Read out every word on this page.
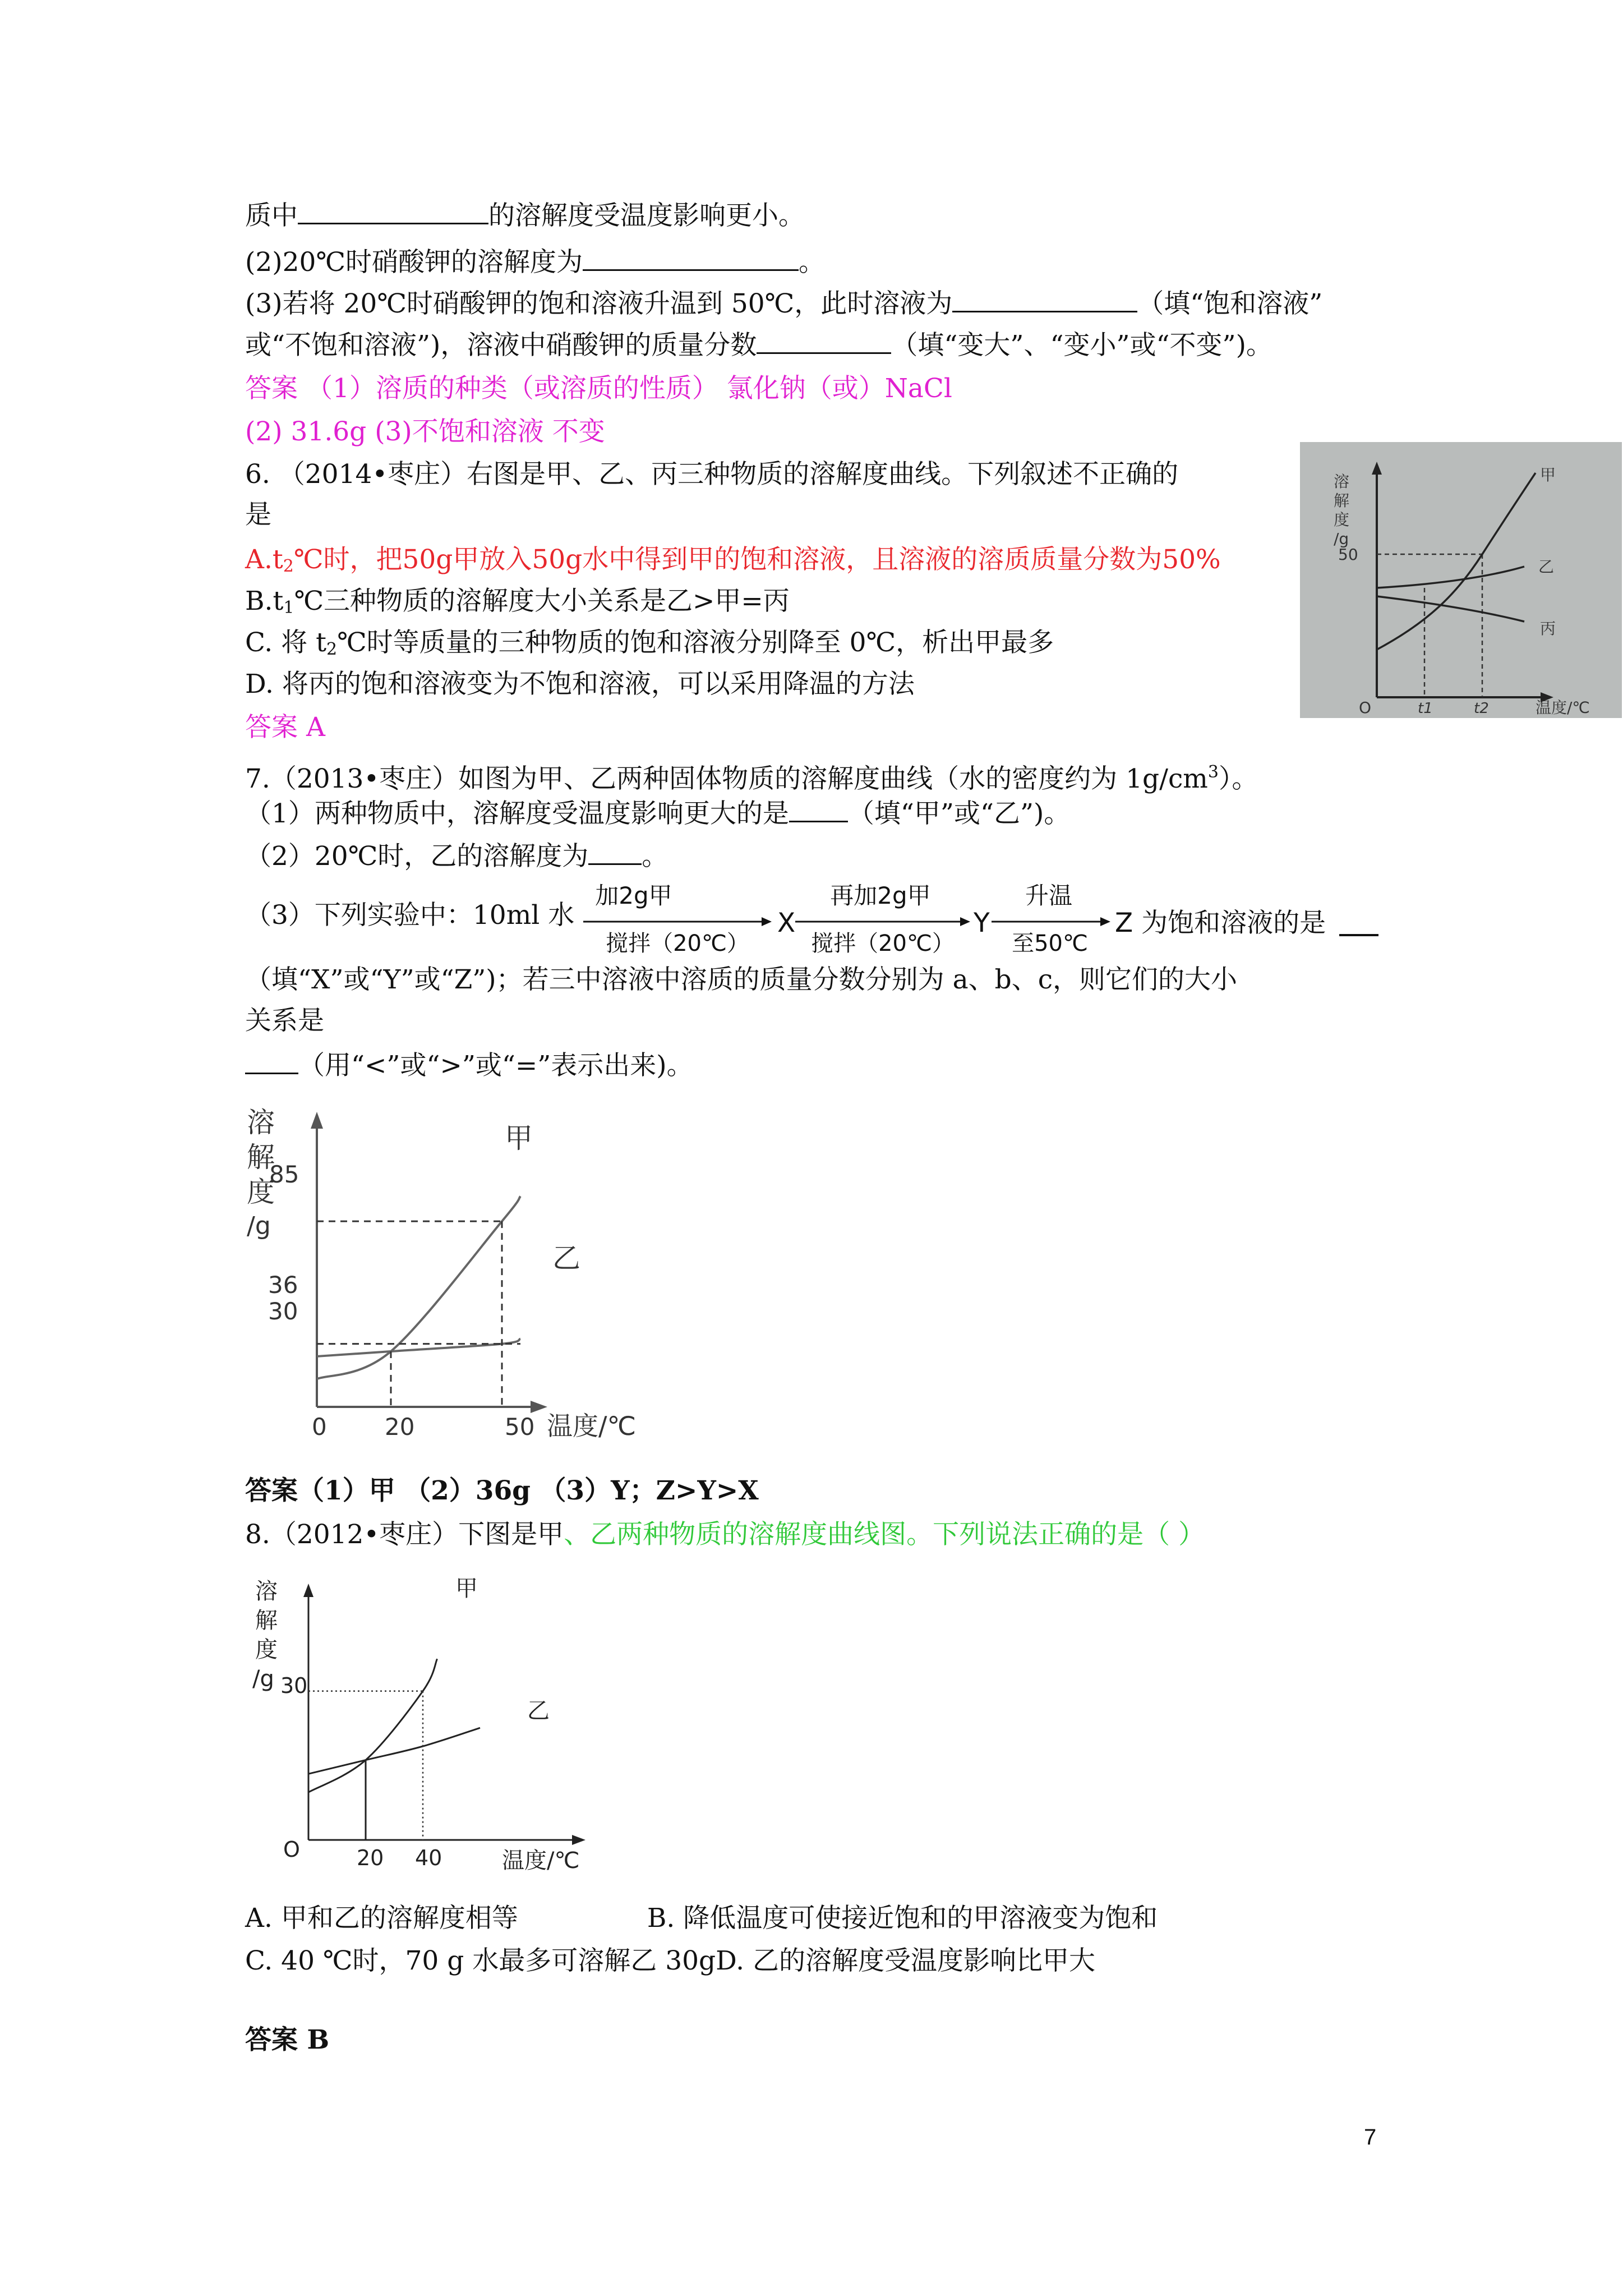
质中	的溶解度受温度影响更小。
(2)20℃时硝酸钾的溶解度为	。
(3)若将 20℃时硝酸钾的饱和溶液升温到 50℃，此时溶液为	（填“饱和溶液”
或“不饱和溶液”)，溶液中硝酸钾的质量分数	（填“变大”、“变小”或“不变”)。
答案 （1）溶质的种类（或溶质的性质） 氯化钠（或）NaCl
(2) 31.6g (3)不饱和溶液 不变
6. （2014•枣庄）右图是甲、乙、丙三种物质的溶解度曲线。下列叙述不正确的
是
$A.t_2℃$时，把50g甲放入50g水中得到甲的饱和溶液，且溶液的溶质质量分数为50%
$B.t_1℃$三种物质的溶解度大小关系是乙>甲=丙
C. 将 $t_2℃$时等质量的三种物质的饱和溶液分别降至 0℃，析出甲最多
D. 将丙的饱和溶液变为不饱和溶液，可以采用降温的方法
答案 A
溶解度/g
50
O	t1	t2	温度/℃
甲
乙
丙
7.（2013•枣庄）如图为甲、乙两种固体物质的溶解度曲线（水的密度约为 $1g/cm^3$）。
（1）两种物质中，溶解度受温度影响更大的是 （填“甲”或“乙”)。
（2）20℃时，乙的溶解度为 。
（3）下列实验中：10ml 水
加2g甲
搅拌（20℃）
X
再加2g甲
搅拌（20℃）
Y
升温
至50℃
Z 为饱和溶液的是
（填“X”或“Y”或“Z”)；若三中溶液中溶质的质量分数分别为 a、b、c，则它们的大小
关系是
（用“<”或“>”或“=”表示出来)。
溶解度/g
85
36
30
0 20	50 温度/℃
甲
乙
答案（1）甲 （2）36g （3）Y；Z>Y>X
8.（2012•枣庄）下图是甲、乙两种物质的溶解度曲线图。下列说法正确的是（ ）
溶解度/g 30
O	20 40	温度/℃
甲
乙
A. 甲和乙的溶解度相等	B. 降低温度可使接近饱和的甲溶液变为饱和
C. 40 ℃时，70 g 水最多可溶解乙 30gD. 乙的溶解度受温度影响比甲大
答案 B
7
